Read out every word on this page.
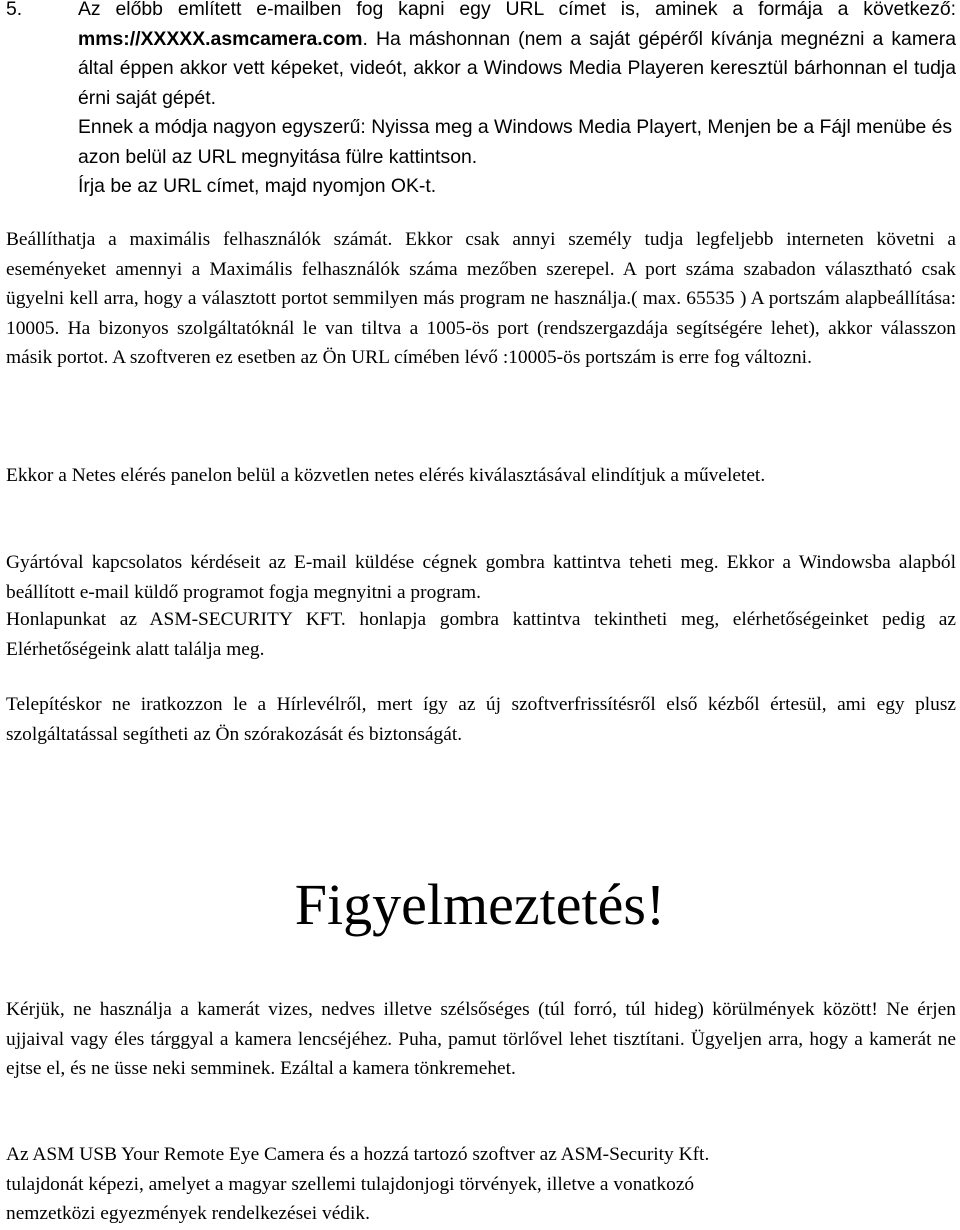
5.	Az előbb említett e-mailben fog kapni egy URL címet is, aminek a formája a következő: mms://XXXXX.asmcamera.com. Ha máshonnan (nem a saját gépéről kívánja megnézni a kamera által éppen akkor vett képeket, videót, akkor a Windows Media Playeren keresztül bárhonnan el tudja érni saját gépét.
Ennek a módja nagyon egyszerű: Nyissa meg a Windows Media Playert, Menjen be a Fájl menübe és azon belül az URL megnyitása fülre kattintson.
Írja be az URL címet, majd nyomjon OK-t.
Beállíthatja a maximális felhasználók számát. Ekkor csak annyi személy tudja legfeljebb interneten követni a eseményeket amennyi a Maximális felhasználók száma mezőben szerepel. A port száma szabadon választható csak ügyelni kell arra, hogy a választott portot semmilyen más program ne használja.( max. 65535 ) A portszám alapbeállítása: 10005. Ha bizonyos szolgáltatóknál le van tiltva a 1005-ös port (rendszergazdája segítségére lehet), akkor válasszon másik portot. A szoftveren ez esetben az Ön URL címében lévő :10005-ös portszám is erre fog változni.
Ekkor a Netes elérés panelon belül a közvetlen netes elérés kiválasztásával elindítjuk a műveletet.
Gyártóval kapcsolatos kérdéseit az E-mail küldése cégnek gombra kattintva teheti meg. Ekkor a Windowsba alapból beállított e-mail küldő programot fogja megnyitni a program.
Honlapunkat az ASM-SECURITY KFT. honlapja gombra kattintva tekintheti meg, elérhetőségeinket pedig az Elérhetőségeink alatt találja meg.
Telepítéskor ne iratkozzon le a Hírlevélről, mert így az új szoftverfrissítésről első kézből értesül, ami egy plusz szolgáltatással segítheti az Ön szórakozását és biztonságát.
Figyelmeztetés!
Kérjük, ne használja a kamerát vizes, nedves illetve szélsőséges (túl forró, túl hideg) körülmények között! Ne érjen ujjaival vagy éles tárggyal a kamera lencséjéhez. Puha, pamut törlővel lehet tisztítani. Ügyeljen arra, hogy a kamerát ne ejtse el, és ne üsse neki semminek. Ezáltal a kamera tönkremehet.
Az ASM USB Your Remote Eye Camera és a hozzá tartozó szoftver az ASM-Security Kft.
tulajdonát képezi, amelyet a magyar szellemi tulajdonjogi törvények, illetve a vonatkozó
nemzetközi egyezmények rendelkezései védik.
